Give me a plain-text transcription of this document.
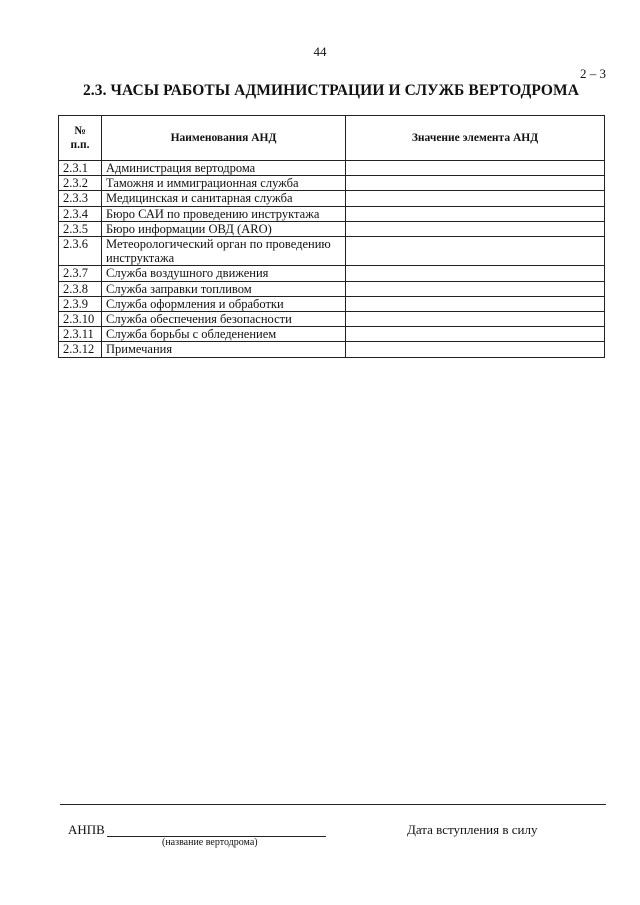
44
2 – 3
2.3. ЧАСЫ РАБОТЫ АДМИНИСТРАЦИИ И СЛУЖБ ВЕРТОДРОМА
№
п.п.	Наименования АНД	Значение элемента АНД
2.3.1	Администрация вертодрома	
2.3.2	Таможня и иммиграционная служба	
2.3.3	Медицинская и санитарная служба	
2.3.4	Бюро САИ по проведению инструктажа	
2.3.5	Бюро информации ОВД (ARO)	
2.3.6	Метеорологический орган по проведению инструктажа	
2.3.7	Служба воздушного движения	
2.3.8	Служба заправки топливом	
2.3.9	Служба оформления и обработки	
2.3.10	Служба обеспечения безопасности	
2.3.11	Служба борьбы с обледенением	
2.3.12	Примечания	
АНПВ
(название вертодрома)
Дата вступления в силу
